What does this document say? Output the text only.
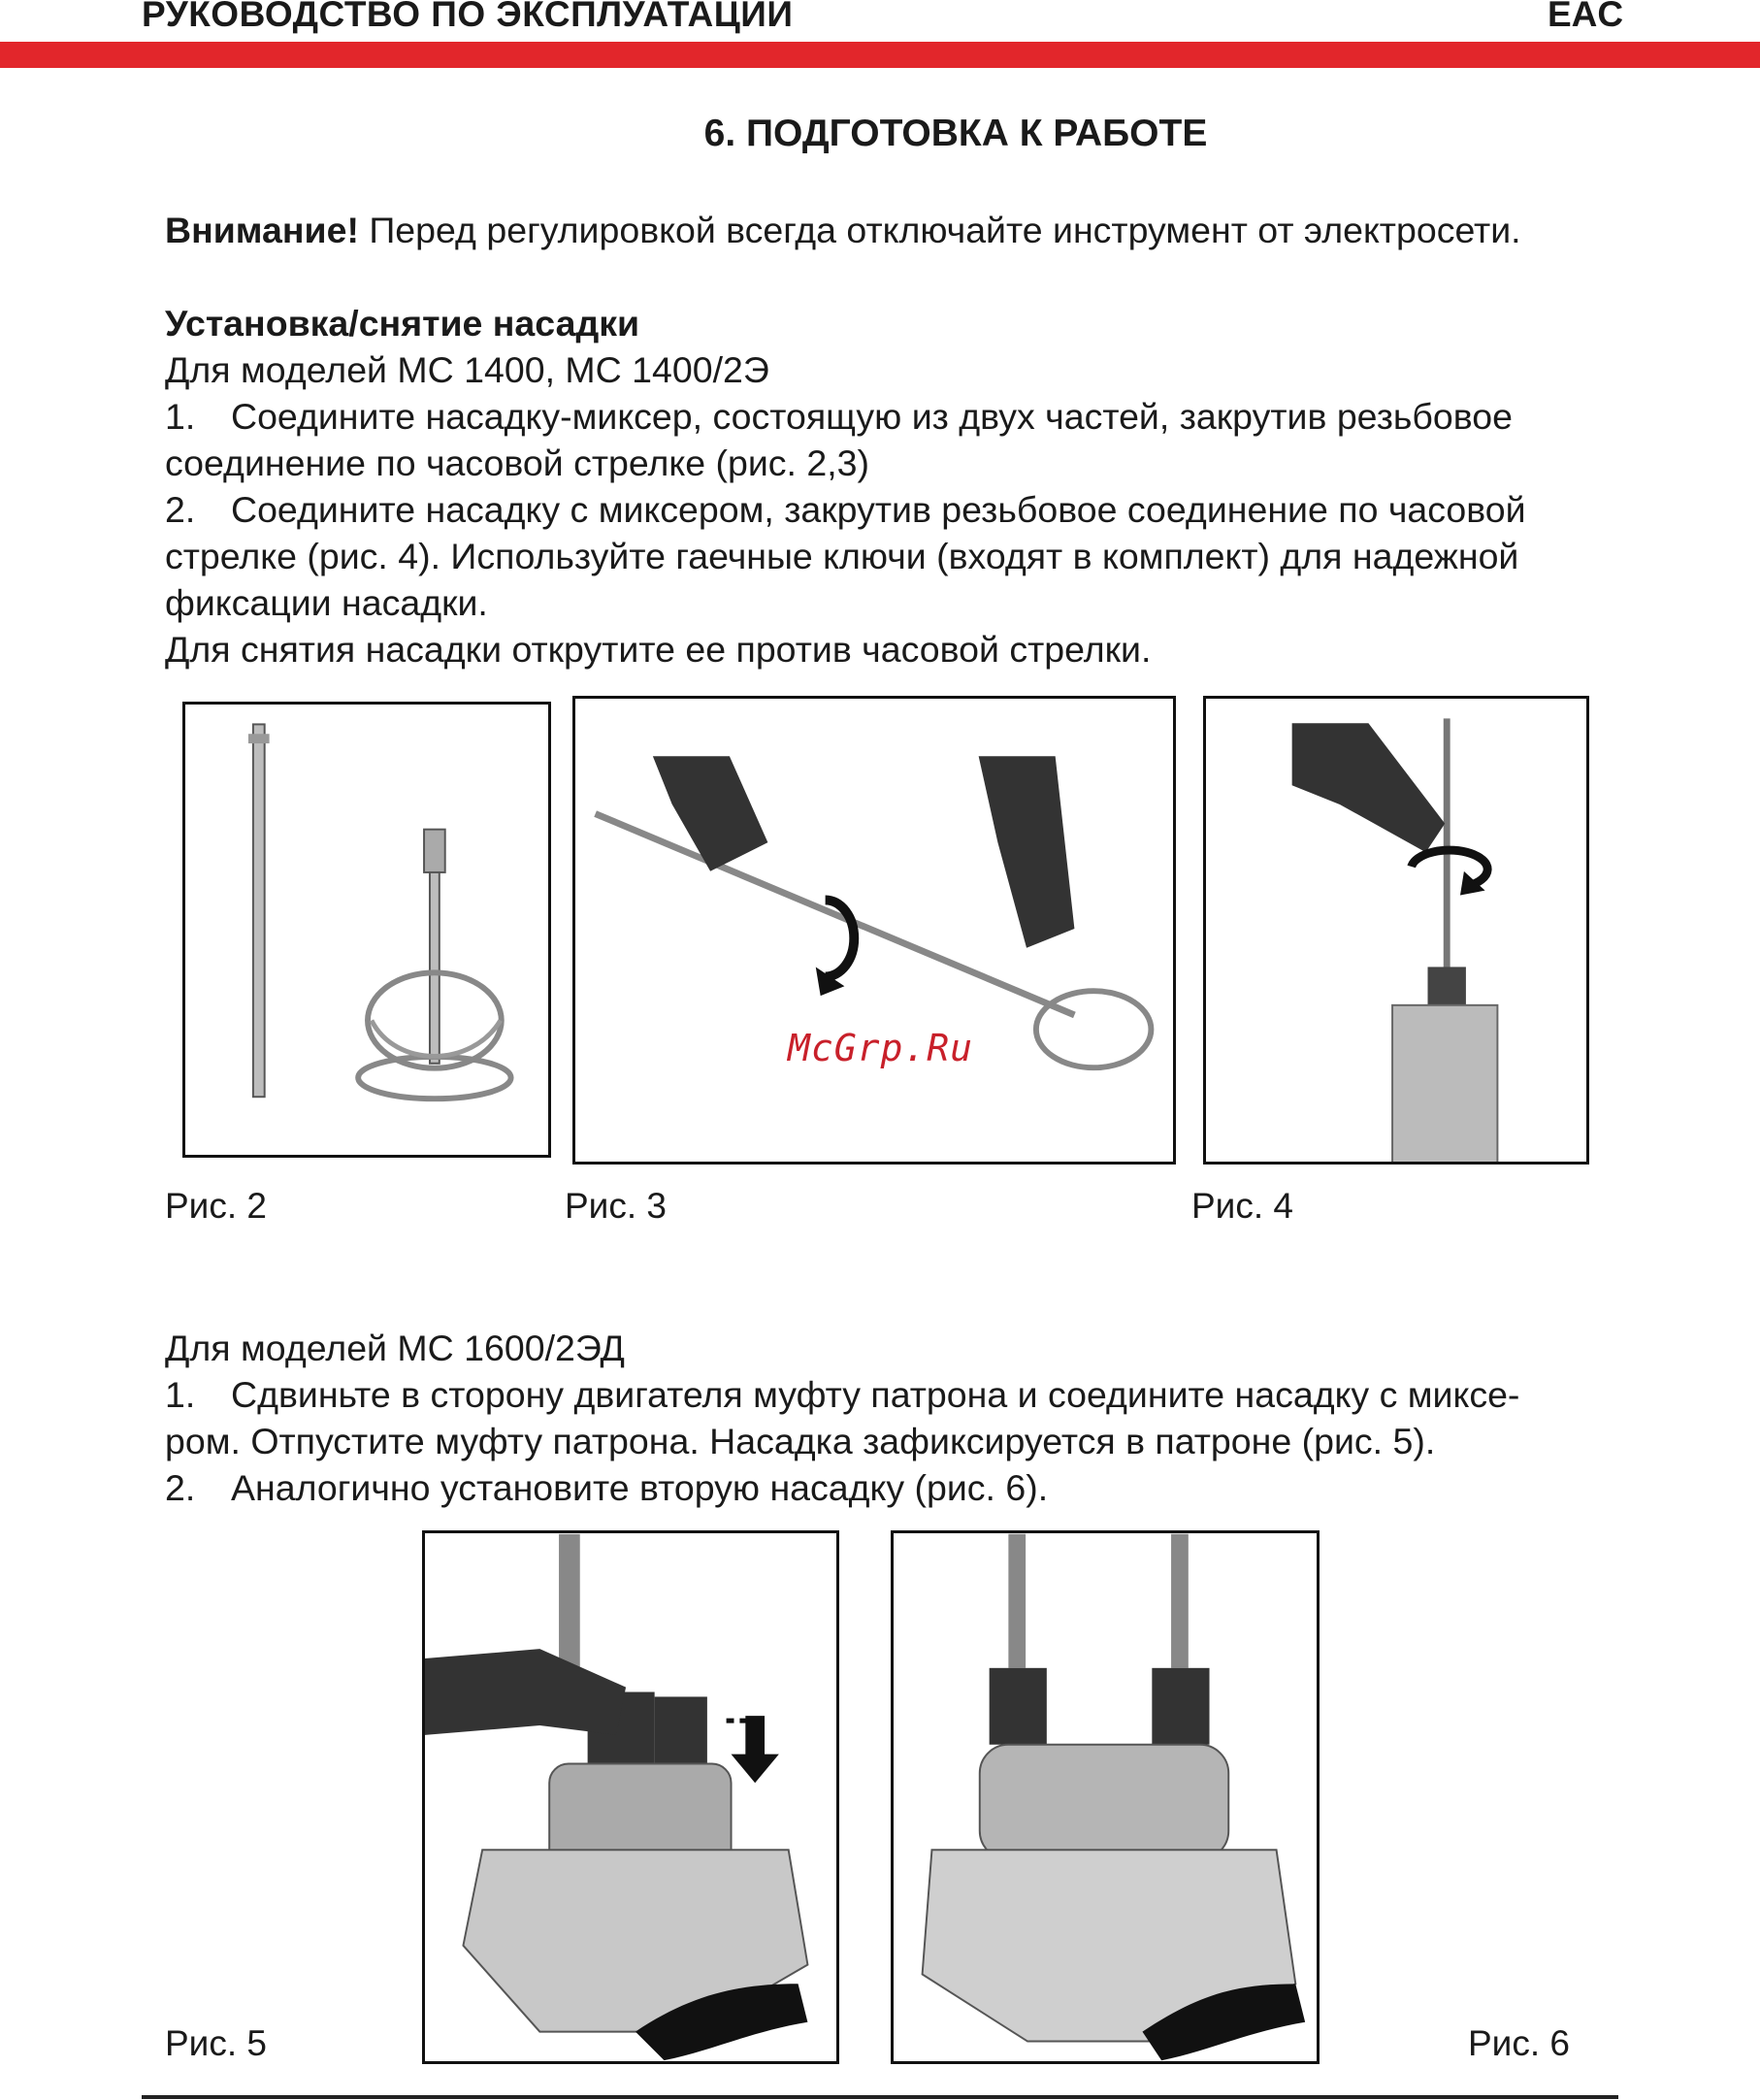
РУКОВОДСТВО ПО ЭКСПЛУАТАЦИИ	EAC
6. ПОДГОТОВКА К РАБОТЕ
Внимание! Перед регулировкой всегда отключайте инструмент от электросети.
Установка/снятие насадки
Для моделей MC 1400, MC 1400/2Э
1. Соедините насадку-миксер, состоящую из двух частей, закрутив резьбовое
соединение по часовой стрелке (рис. 2,3)
2. Соедините насадку с миксером, закрутив резьбовое соединение по часовой
стрелке (рис. 4). Используйте гаечные ключи (входят в комплект) для надежной
фиксации насадки.
Для снятия насадки открутите ее против часовой стрелки.
Рис. 2	Рис. 3	Рис. 4
Для моделей MC 1600/2ЭД
1. Сдвиньте в сторону двигателя муфту патрона и соедините насадку с миксе-
ром. Отпустите муфту патрона. Насадка зафиксируется в патроне (рис. 5).
2. Аналогично установите вторую насадку (рис. 6).
Рис. 5	Рис. 6
McGrp.Ru
